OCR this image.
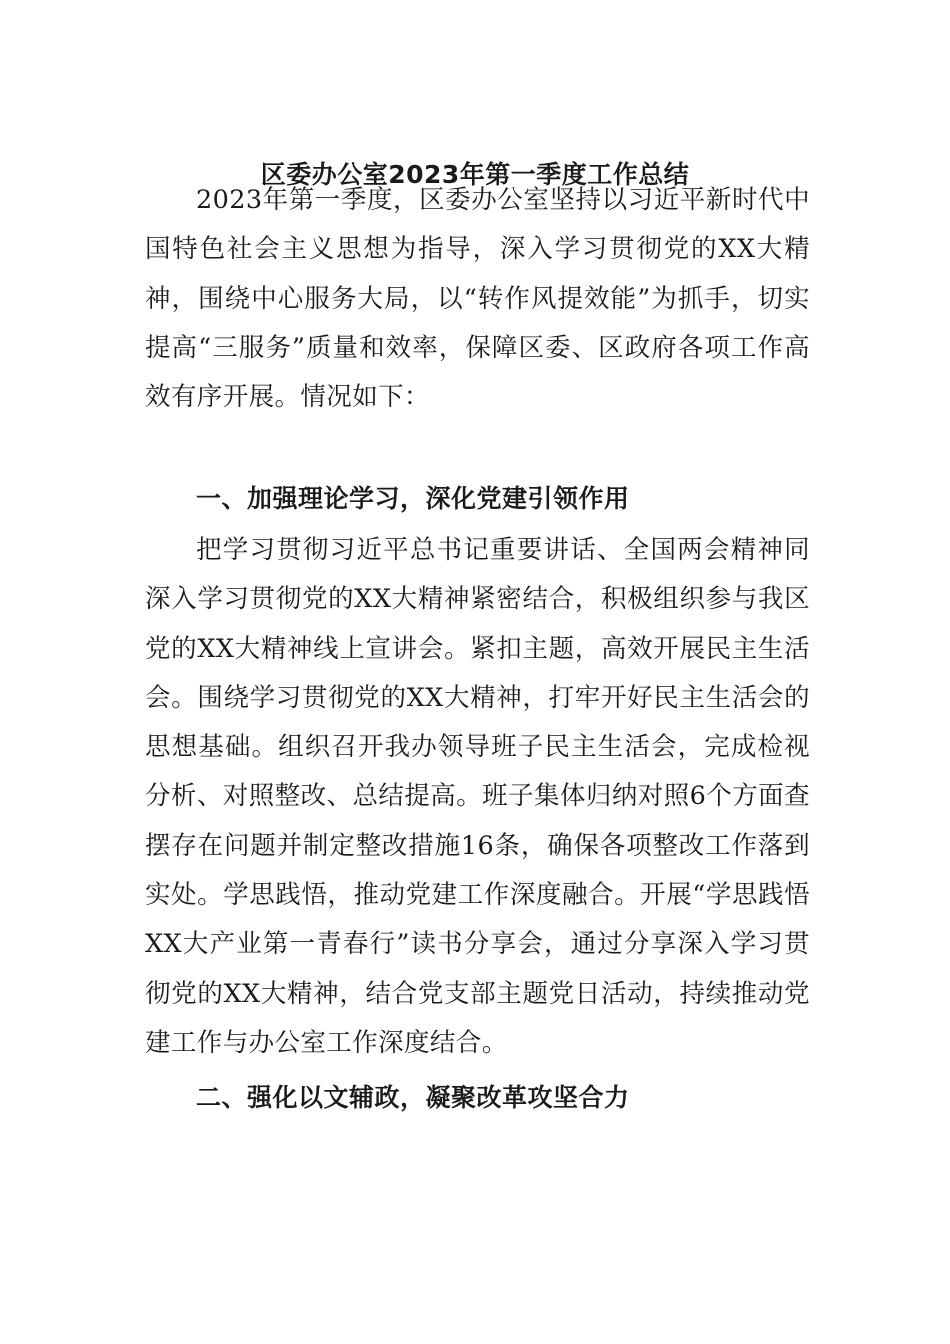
区委办公室2023年第一季度工作总结

2023年第一季度，区委办公室坚持以习近平新时代中国特色社会主义思想为指导，深入学习贯彻党的XX大精神，围绕中心服务大局，以“转作风提效能”为抓手，切实提高“三服务”质量和效率，保障区委、区政府各项工作高效有序开展。情况如下：

一、加强理论学习，深化党建引领作用

把学习贯彻习近平总书记重要讲话、全国两会精神同深入学习贯彻党的XX大精神紧密结合，积极组织参与我区党的XX大精神线上宣讲会。紧扣主题，高效开展民主生活会。围绕学习贯彻党的XX大精神，打牢开好民主生活会的思想基础。组织召开我办领导班子民主生活会，完成检视分析、对照整改、总结提高。班子集体归纳对照6个方面查摆存在问题并制定整改措施16条，确保各项整改工作落到实处。学思践悟，推动党建工作深度融合。开展“学思践悟XX大产业第一青春行”读书分享会，通过分享深入学习贯彻党的XX大精神，结合党支部主题党日活动，持续推动党建工作与办公室工作深度结合。

二、强化以文辅政，凝聚改革攻坚合力
